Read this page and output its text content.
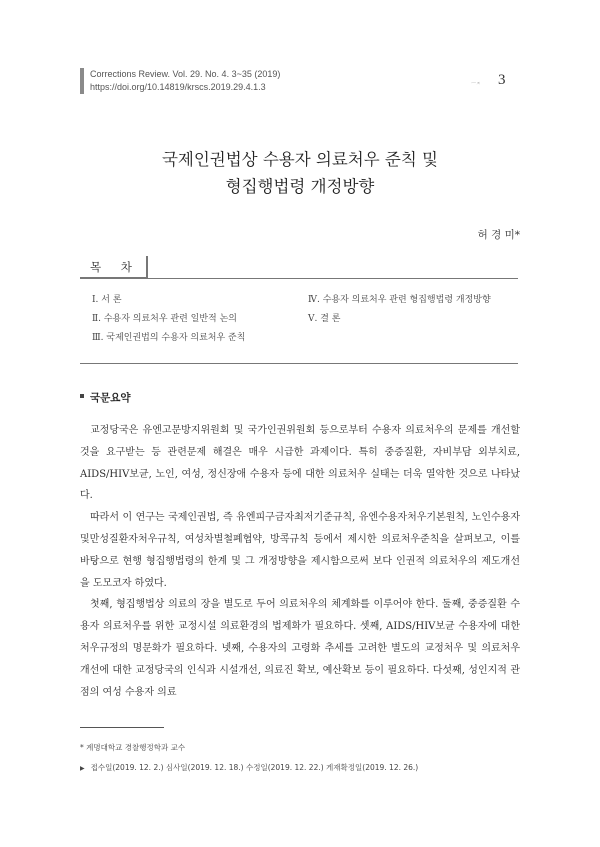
Corrections Review. Vol. 29. No. 4. 3~35 (2019)
https://doi.org/10.14819/krscs.2019.29.4.1.3	ㅡㅈ 3
국제인권법상 수용자 의료처우 준칙 및
형집행법령 개정방향
허 경 미*
목 차
Ⅰ. 서 론
Ⅱ. 수용자 의료처우 관련 일반적 논의
Ⅲ. 국제인권법의 수용자 의료처우 준칙
Ⅳ. 수용자 의료처우 관련 형집행법령 개정방향
Ⅴ. 결 론
국문요약

교정당국은 유엔고문방지위원회 및 국가인권위원회 등으로부터 수용자 의료처우의 문제를 개선할 것을 요구받는 등 관련문제 해결은 매우 시급한 과제이다. 특히 중증질환, 자비부담 외부치료, AIDS/HIV보균, 노인, 여성, 정신장애 수용자 등에 대한 의료처우 실태는 더욱 열악한 것으로 나타났다.

따라서 이 연구는 국제인권법, 즉 유엔피구금자최저기준규칙, 유엔수용자처우기본원칙, 노인수용자및만성질환자처우규칙, 여성차별철폐협약, 방콕규칙 등에서 제시한 의료처우준칙을 살펴보고, 이를 바탕으로 현행 형집행법령의 한계 및 그 개정방향을 제시함으로써 보다 인권적 의료처우의 제도개선을 도모코자 하였다.

첫째, 형집행법상 의료의 장을 별도로 두어 의료처우의 체계화를 이루어야 한다. 둘째, 중증질환 수용자 의료처우를 위한 교정시설 의료환경의 법제화가 필요하다. 셋째, AIDS/HIV보균 수용자에 대한 처우규정의 명문화가 필요하다. 넷째, 수용자의 고령화 추세를 고려한 별도의 교정처우 및 의료처우 개선에 대한 교정당국의 인식과 시설개선, 의료진 확보, 예산확보 등이 필요하다. 다섯째, 성인지적 관점의 여성 수용자 의료

* 계명대학교 경찰행정학과 교수
▶ 접수일(2019. 12. 2.) 심사일(2019. 12. 18.) 수정일(2019. 12. 22.) 게재확정일(2019. 12. 26.)
